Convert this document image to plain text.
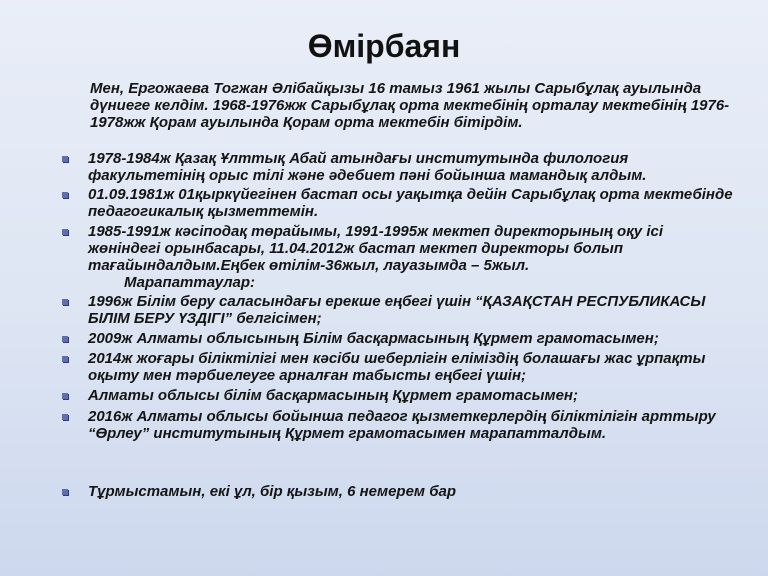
Өмірбаян

Мен, Ергожаева Тогжан Әлібайқызы 16 тамыз 1961 жылы Сарыбұлақ ауылында дүниеге келдім. 1968-1976жж Сарыбұлақ орта мектебінің орталау мектебінің 1976-1978жж Қорам ауылында Қорам орта мектебін бітірдім.

1978-1984ж Қазақ Ұлттық Абай атындағы институтында филология факультетінің орыс тілі және әдебиет пәні бойынша мамандық алдым.
01.09.1981ж 01қыркүйегінен бастап осы уақытқа дейін Сарыбұлақ орта мектебінде педагогикалық қызметтемін.
1985-1991ж кәсіподақ төрайымы, 1991-1995ж мектеп директорының оқу ісі жөніндегі орынбасары, 11.04.2012ж бастап мектеп директоры болып тағайындалдым.Еңбек өтілім-36жыл, лауазымда – 5жыл.
Марапаттаулар:
1996ж Білім беру саласындағы ерекше еңбегі үшін “ҚАЗАҚСТАН РЕСПУБЛИКАСЫ БІЛІМ БЕРУ ҮЗДІГІ” белгісімен;
2009ж Алматы облысының Білім басқармасының Құрмет грамотасымен;
2014ж жоғары біліктілігі мен кәсіби шеберлігін еліміздің болашағы жас ұрпақты оқыту мен тәрбиелеуге арналған табысты еңбегі үшін;
Алматы облысы білім басқармасының Құрмет грамотасымен;
2016ж Алматы облысы бойынша педагог қызметкерлердің біліктілігін арттыру “Өрлеу” институтының Құрмет грамотасымен марапатталдым.
Тұрмыстамын, екі ұл, бір қызым, 6 немерем бар
